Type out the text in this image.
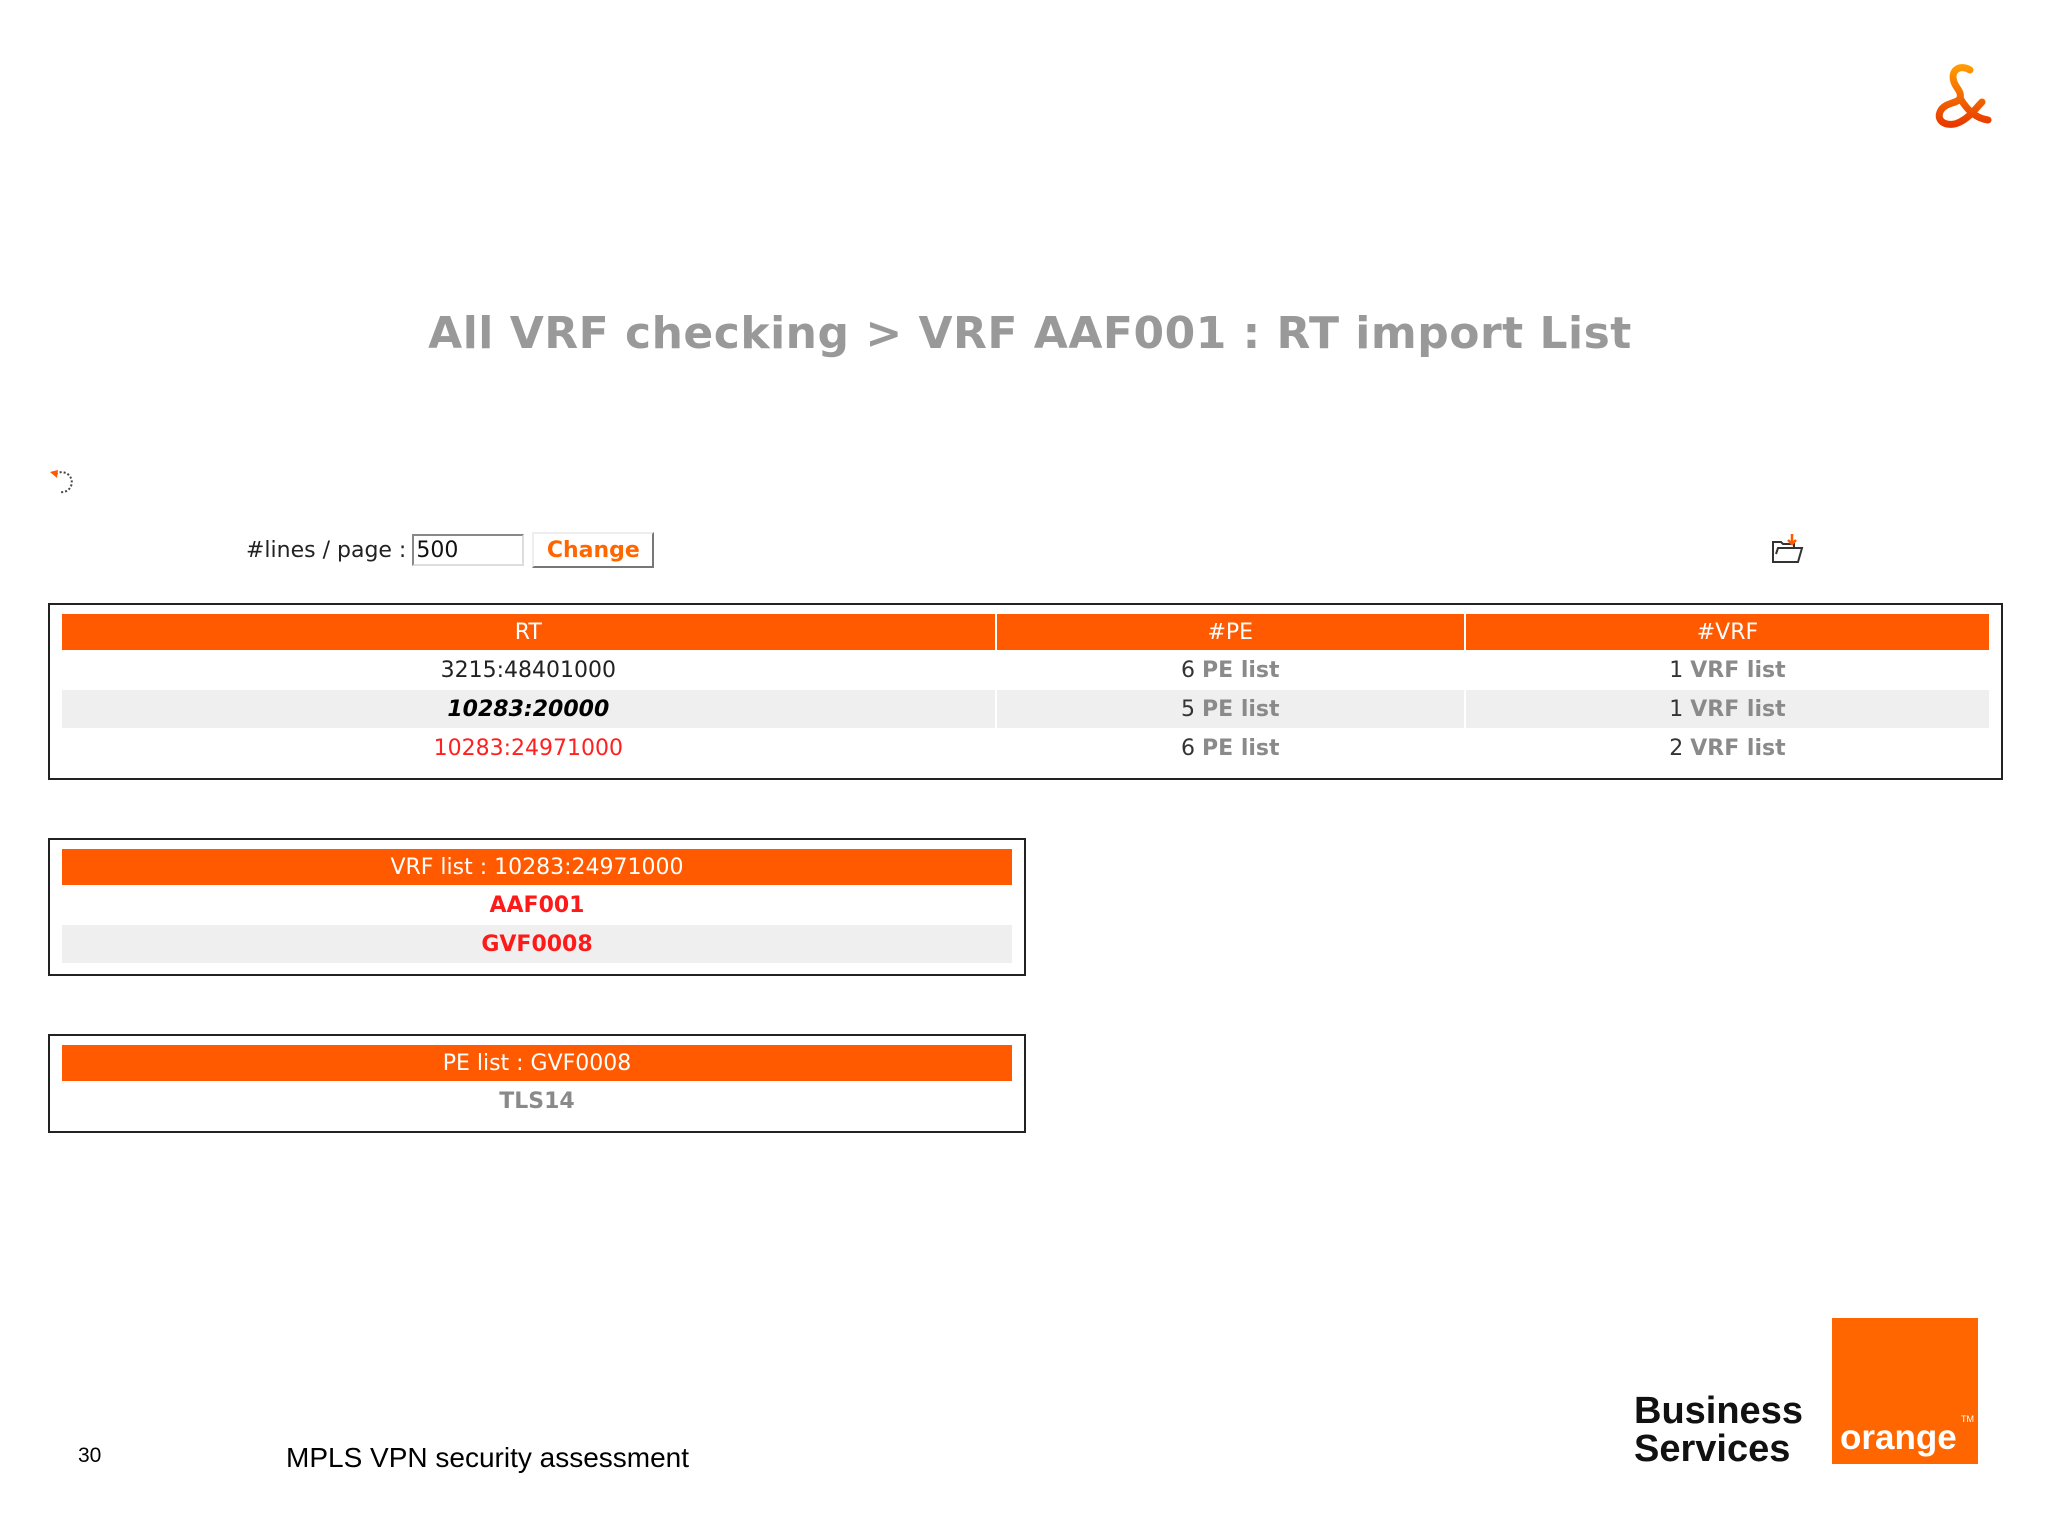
All VRF checking > VRF AAF001 : RT import List
#lines / page :
500	Change
RT	#PE	#VRF
3215:48401000	6 PE list	1 VRF list
10283:20000	5 PE list	1 VRF list
10283:24971000	6 PE list	2 VRF list
VRF list : 10283:24971000
AAF001
GVF0008
PE list : GVF0008
TLS14
30	MPLS VPN security assessment
Business
Services
TM
orange
